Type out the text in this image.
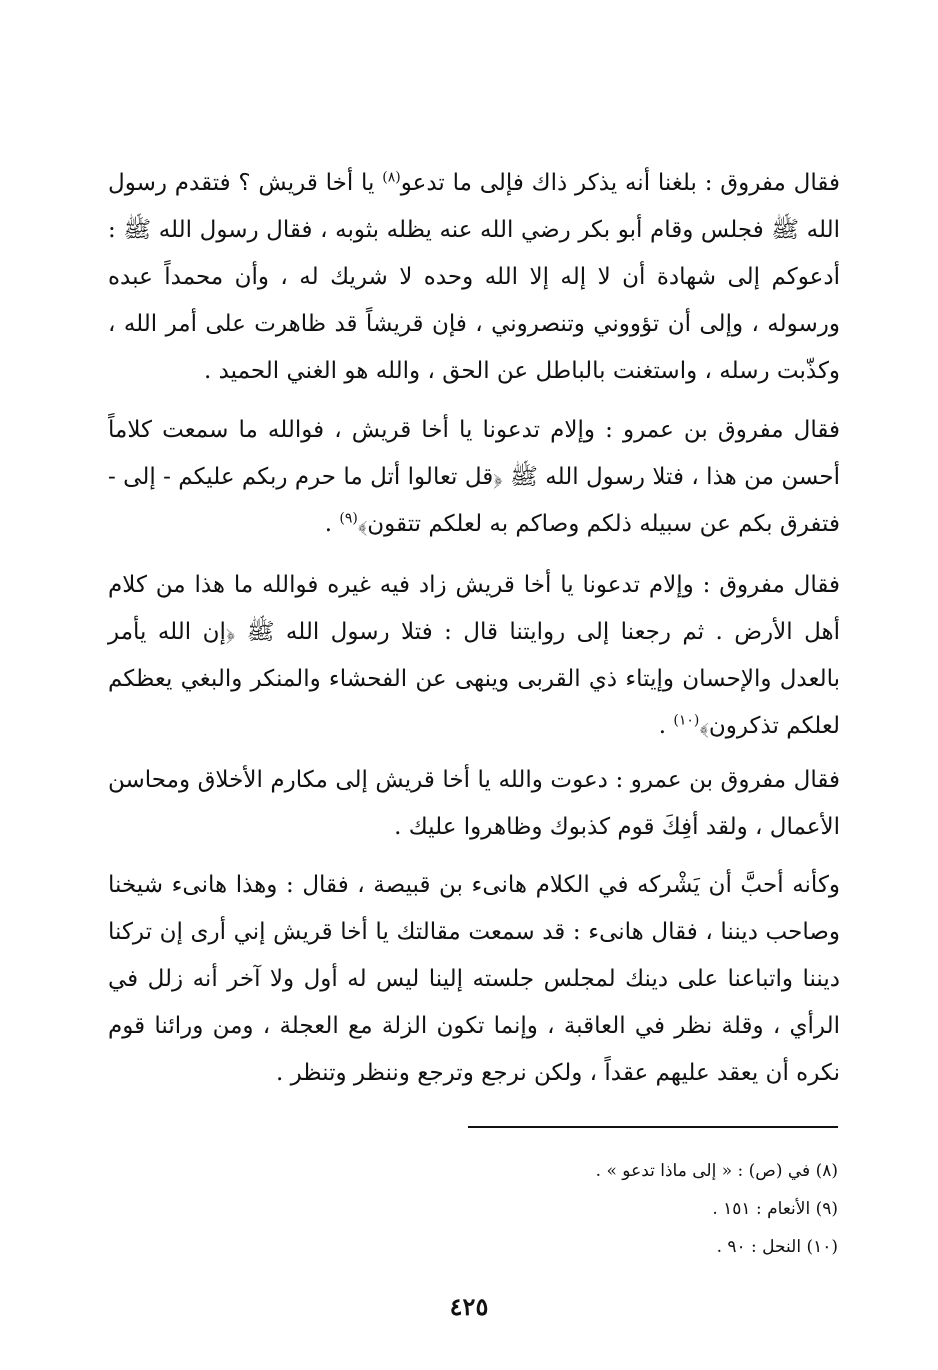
فقال مفروق : بلغنا أنه يذكر ذاك فإلى ما تدعو$^{(٨)}$ يا أخا قريش ؟ فتقدم رسول الله ﷺ فجلس وقام أبو بكر رضي الله عنه يظله بثوبه ، فقال رسول الله ﷺ : أدعوكم إلى شهادة أن لا إله إلا الله وحده لا شريك له ، وأن محمداً عبده ورسوله ، وإلى أن تؤووني وتنصروني ، فإن قريشاً قد ظاهرت على أمر الله ، وكذّبت رسله ، واستغنت بالباطل عن الحق ، والله هو الغني الحميد .

فقال مفروق بن عمرو : وإلام تدعونا يا أخا قريش ، فوالله ما سمعت كلاماً أحسن من هذا ، فتلا رسول الله ﷺ ﴿قل تعالوا أتل ما حرم ربكم عليكم - إلى - فتفرق بكم عن سبيله ذلكم وصاكم به لعلكم تتقون﴾$^{(٩)}$ .

فقال مفروق : وإلام تدعونا يا أخا قريش زاد فيه غيره فوالله ما هذا من كلام أهل الأرض . ثم رجعنا إلى روايتنا قال : فتلا رسول الله ﷺ ﴿إن الله يأمر بالعدل والإحسان وإيتاء ذي القربى وينهى عن الفحشاء والمنكر والبغي يعظكم لعلكم تذكرون﴾$^{(١٠)}$ .

فقال مفروق بن عمرو : دعوت والله يا أخا قريش إلى مكارم الأخلاق ومحاسن الأعمال ، ولقد أفِكَ قوم كذبوك وظاهروا عليك .

وكأنه أحبَّ أن يَشْركه في الكلام هانىء بن قبيصة ، فقال : وهذا هانىء شيخنا وصاحب ديننا ، فقال هانىء : قد سمعت مقالتك يا أخا قريش إني أرى إن تركنا ديننا واتباعنا على دينك لمجلس جلسته إلينا ليس له أول ولا آخر أنه زلل في الرأي ، وقلة نظر في العاقبة ، وإنما تكون الزلة مع العجلة ، ومن ورائنا قوم نكره أن يعقد عليهم عقداً ، ولكن نرجع وترجع وننظر وتنظر .

(٨) في (ص) : « إلى ماذا تدعو » .
(٩) الأنعام : ١٥١ .
(١٠) النحل : ٩٠ .
٤٢٥
